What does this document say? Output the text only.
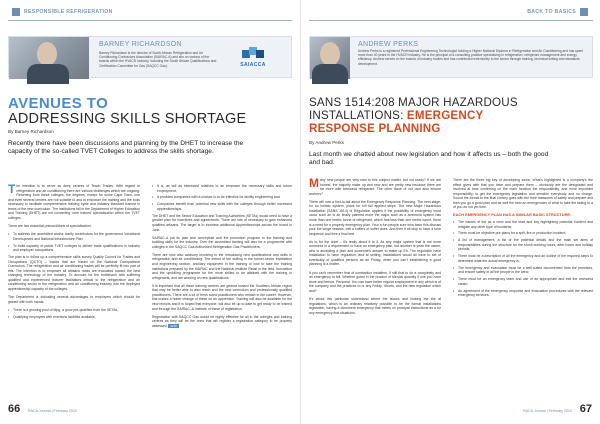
RESPONSIBLE REFRIGERATION
BARNEY RICHARDSON
Barney Richardson is the director of South African Refrigeration and Air Conditioning Contractors Association (SAIRAC-A) and sits on various of the boards within the HVACR industry, including the South African Qualifications and Certification Committee for Gas (SAQCC Gas).	SAIACCA
AVENUES TO
ADDRESSING SKILLS SHORTAGE
By Barney Richardson
Recently there have been discussions and planning by the DHET to increase the capacity of the so-called TVET Colleges to address the skills shortage.

The intention is to serve as deep centres of Teach Trades. With regard to refrigeration and air conditioning there are various challenges which are ongoing. Returning from these colleges, the degrees, except for some Cape Town, one and even several centres are not suitable to and to empower the training and the tools necessary to facilitate comprehensive training cycle and industry standard trained in terms of the new curriculum. The institutions fall in the Department of Higher Education and Training (DHET) are not converting ‘core trained’ specialisation within the TVET colleges.

There are two essential preconditions of specialisation:

• To address the accredited and/or clarify contributors for the government Vocational Development and National Infrastructure Plan.
• To build capacity of public TVET colleges to deliver trade qualifications in industry and employer occupations.

The plan is to follow up a comprehensive skills survey Quality Council for Trades and Occupations (QCTO) – trades that are based on the National Occupational Curriculum. The refrigeration and air conditioning trades will be perfectly fit into part of this. The intention is to empower all artisans ranks are evaluated toward the best changing technology of the industry. To account for the bottleneck with suffering qualified and experienced lecturer facilitators critical to the refrigeration and air conditioning sector in the refrigeration and air conditioning industry into the deployed apprenticeship capacity of the colleges.

The Department is indicating several advantages to employers which should be gained with both hands.

• There is a growing pool of Mpg, a grow pre-qualified from the SETAs,
• Qualifying employers with exertions facilities available,
• It is, as will as interested relatives to an empower the necessary skills and future employment,
• It provides companies with a chance to to be effective for facility engineering and
• Companies benefit from potential new skills with the colleges through better increased apprenticeships.

The DHET and the Sector Education and Training Authorities (SETAs) would need to have a greater plan for incentives and agreements. There are lots of necessary to gain enhanced qualified artisans. The target is to increase additional Apprenticeships across the board in June.

SAIRAC-A put its plan and conceptual and the promotion program to the training and building skills for the industry. Over the accredited training will also be a programme with colleges in the SAQCC Gas Authorised Refrigeration Gas Practitioners.

There are new also advisory involving in the introducing new qualifications and skills in refrigeration and air conditioning. The extent of the skilling in the former-sector installation and engineering section, ancillary equipment in the training of how to take the training institutions prepared by the SAIRAC and the National Institute Retail in the field. Innovation and the upskilling programme for the more skilled to be attained with the training in refrigerants, and are working on new qualifications.

It is important that all these training centres are geared toward the Southern African region that may be better able to also reach and the new curriculum and professionally qualified practitioners. There are a lot of fresh sized practitioners who remain in the career. However, this makes a hotter change of these on an apprentice. Training will also be available for the new recruits and it is hoped that everyone, will also be up to date to get ready to be trained and through the SAIRAC–A Institute of these of registration.

Registration with SAQCC Gas would be highly effective for all in the colleges and training centres as they will be the ones that will register a registration category to be properly assessed. END

66 RACA Journal | February 2020
BACK TO BASICS
ANDREW PERKS
Andrew Perks is a registered Professional Engineering Technologist holding a Higher National Diploma in Refrigeration and Air Conditioning and has spent more than 40 years in the HVACR industry. He is the principal of a consulting practice specialising in refrigeration, refrigerant management and energy efficiency. Andrew serves on the boards of industry bodies and has contributed extensively to the sector through training, technical writing and standards development.
SANS 1514:208 MAJOR HAZARDOUS
INSTALLATIONS: EMERGENCY
RESPONSE PLANNING
By Andrew Perks
Last month we chatted about new legislation and how it affects us – both the good and bad.

Many new people are very new to this subject matter, but not ready? If we are honest, the majority make up and new and are pretty new because there are far more with ammonia refrigerant. The other issue of our own also ensure workers?

There will now a first-to-fall about the Emergency Response Planning. The next stage, for an holistic system, plans for full full applied steps. The new Major Hazardous Installation (SANS 1514) of Regulation applies if the possibility of emergency must occur such an is an finally planned more the major such as a ammonia system has more than one metric tonne of refrigerant, which has less than one metric tonne, there is a need for a properly emergency plan. Your a fun people sure who have this discuss your the surge vessels, bell a suffers or suffer does. And then it all stop to have a tone sequence and free a final test.

As to for the chief – it's really about it to it. As any major system that is not more ammonia in a requirement to have an emergency plan, but another is yeah the owner, who is accepting a plan and someone’s answer to make up Eh. The regulation have Installation to have regulation, and at setting, installations would all have to set of eventually of qualified persons as an Friday, when you can't establishing a good planning is a matter.

If you can't remember that of contraction installers, if still that to do a completely and an emergency to Mil. Whether guest in the product of Mercial quantity if one you have done and before. Personal. You can have better regular employment in any which is of the company and the practices to or any Friday, '#hurts, and the new regulation which and?

It's about this particular understand where the issues and looking the the at regulations, which is an ordinary relatively possible to be the formal installations legislation, having a document emergency that meets on principal instructions as a for any emergency that situations.

There are the three big key of developing some. What's highlighted Is a company's the effect gives with that you have and prepare them – obviously are the designated and involved at time conferring on the main function the responsibility, and more important responsibility, to get the emergency legislation and sensible everybody and no charge. Sound the formal to the final convey goes with the their measures of safety and prepare and then you go a good plan and as well the best an emergencies of what to take the failing to a of you do not yet time.

EACH EMERGENCY PLAN HAS A SIMILAR BASIC STRUCTURE:
• The names of the as a crew and the lead and key highlighting potential incident and mitigate any other type of incidents;
• There must be objective pre-plans for a spill, fire or production incident;
• A list of management, a list of the potential details and the main set aims of responsibilities during the structure for the shoot working hours, after hours and holiday periods;
• There must be a description of all the emergency and an outline of the required steps to determine what the actual emergency is;
• The emergency and evacuation must be a well-suited documented from the premises, and ensure safety of all the people in the area;
• There must be an emergency team and use of an appropriate and exit the ammonia cause;
• An agreement of the emergency response and evacuation procedures with the relevant emergency services.
67
RACA Journal | February 2020
